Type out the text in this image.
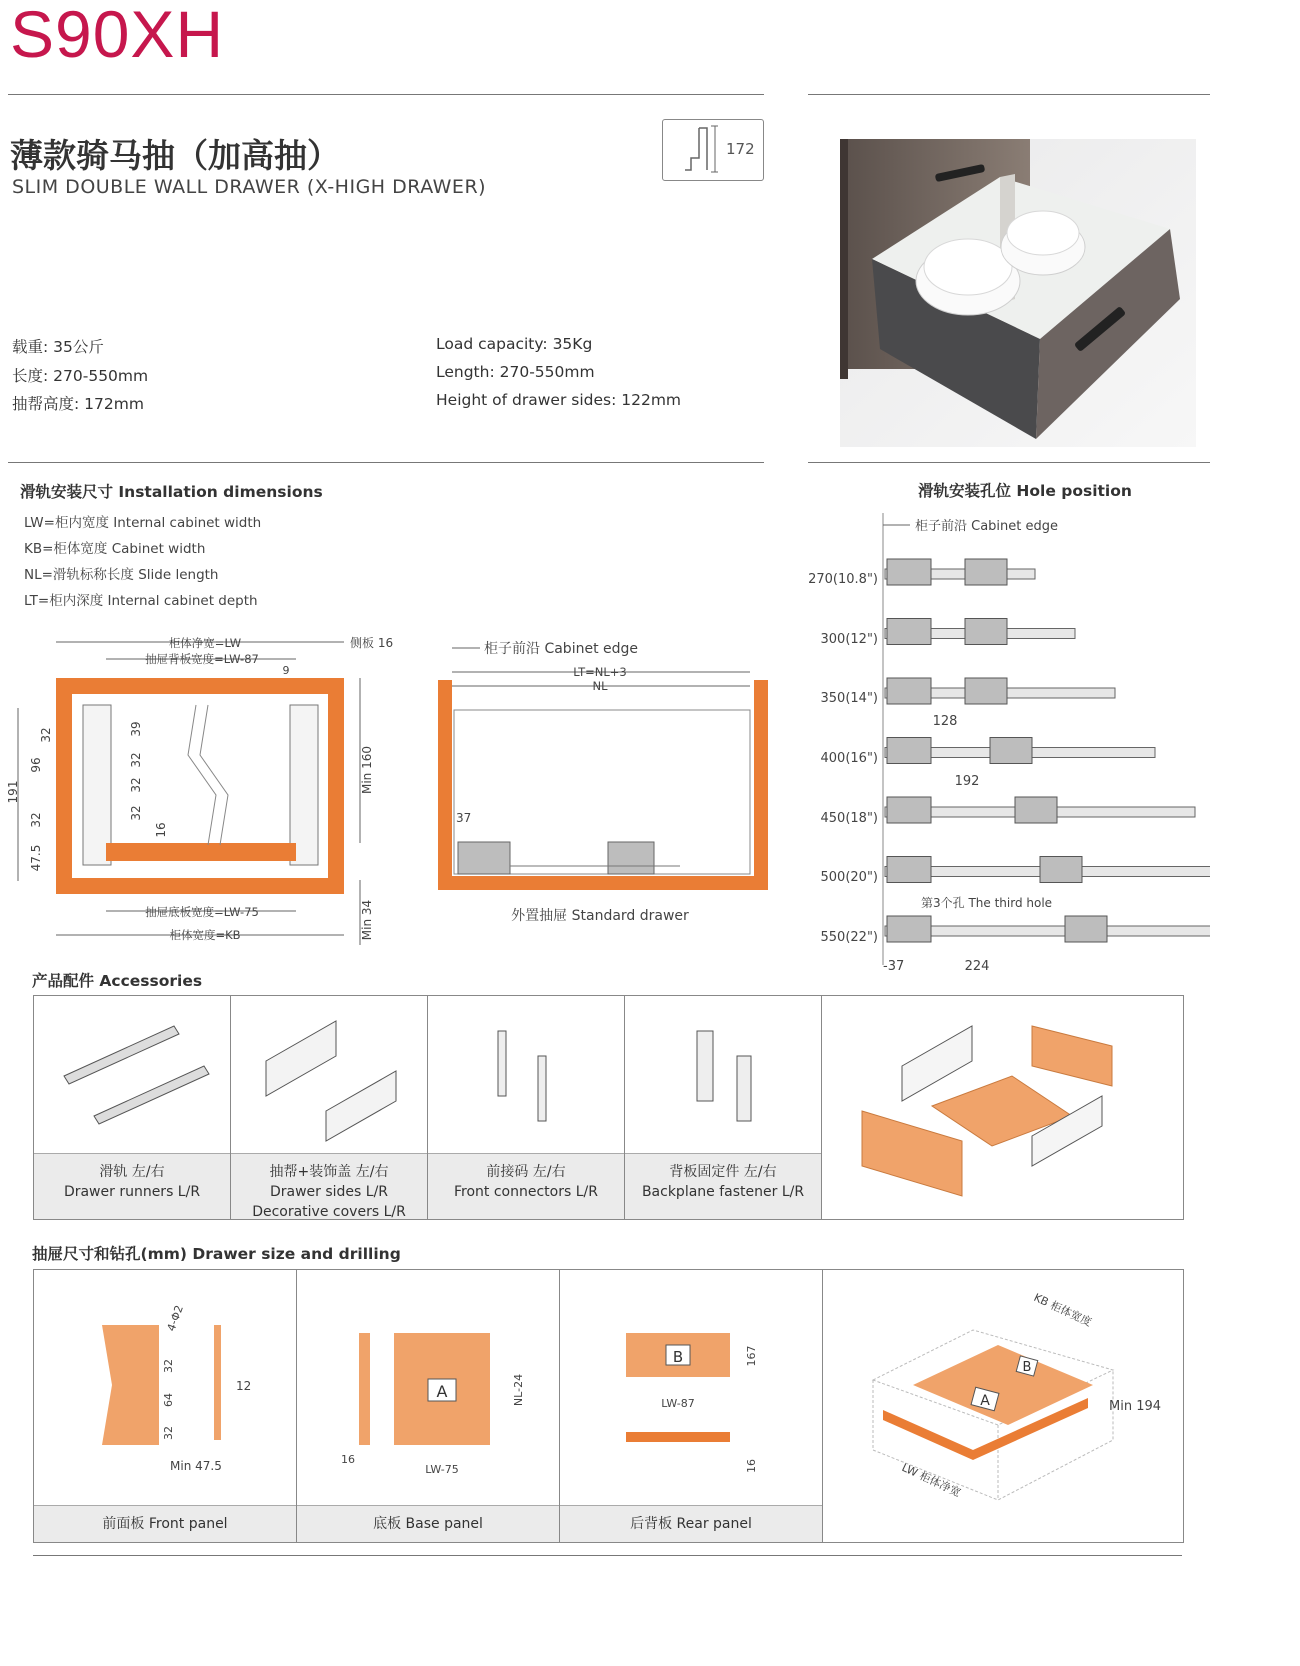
S90XH
薄款骑马抽（加高抽）
SLIM DOUBLE WALL DRAWER (X-HIGH DRAWER)
172
载重: 35公斤
长度: 270-550mm
抽帮高度: 172mm
Load capacity: 35Kg
Length: 270-550mm
Height of drawer sides: 122mm
滑轨安装尺寸 Installation dimensions
LW=柜内宽度 Internal cabinet width
KB=柜体宽度 Cabinet width
NL=滑轨标称长度 Slide length
LT=柜内深度 Internal cabinet depth
柜体净宽=LW	侧板 16
抽屉背板宽度=LW-87
9
抽屉底板宽度=LW-75
柜体宽度=KB
Min 160
Min 34
191
96
32
32
47.5
39
32
32
32
16
柜子前沿 Cabinet edge
LT=NL+3
NL
37
外置抽屉 Standard drawer
滑轨安装孔位 Hole position
柜子前沿 Cabinet edge
270(10.8")
300(12")
350(14")
400(16")
450(18")
500(20")
550(22")
128
192
第3个孔 The third hole
-37	224
产品配件 Accessories
滑轨 左/右
Drawer runners L/R
抽帮+装饰盖 左/右
Drawer sides L/R
Decorative covers L/R
前接码 左/右
Front connectors L/R
背板固定件 左/右
Backplane fastener L/R
抽屉尺寸和钻孔(mm) Drawer size and drilling
4-Φ2
32
64
32
12
Min 47.5
前面板 Front panel
A	NL-24
LW-75
16
底板 Base panel
B	167
LW-87
16
后背板 Rear panel
A
B
KB 柜体宽度
LW 柜体净宽
Min 194
